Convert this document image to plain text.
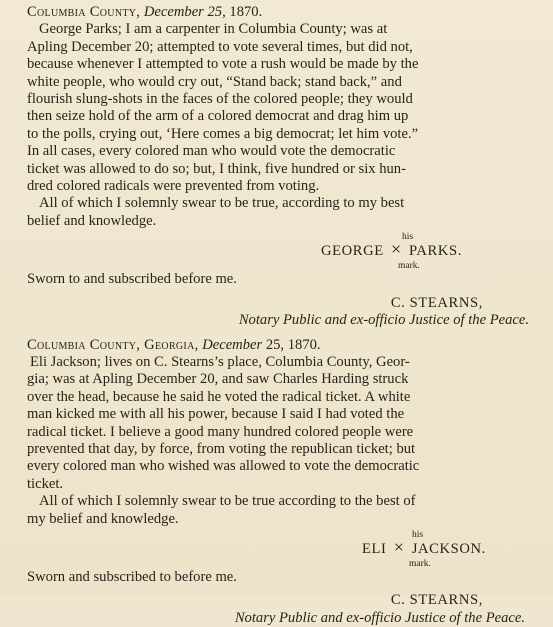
Columbia County, December 25, 1870.

George Parks; I am a carpenter in Columbia County; was at

Apling December 20; attempted to vote several times, but did not,

because whenever I attempted to vote a rush would be made by the

white people, who would cry out, “Stand back; stand back,” and

flourish slung-shots in the faces of the colored people; they would

then seize hold of the arm of a colored democrat and drag him up

to the polls, crying out, ‘Here comes a big democrat; let him vote.”

In all cases, every colored man who would vote the democratic

ticket was allowed to do so; but, I think, five hundred or six hun-

dred colored radicals were prevented from voting.

All of which I solemnly swear to be true, according to my best

belief and knowledge.

his
GEORGE × PARKS.
mark.

Sworn to and subscribed before me.

C. STEARNS,

Notary Public and ex-officio Justice of the Peace.

Columbia County, Georgia, December 25, 1870.

Eli Jackson; lives on C. Stearns’s place, Columbia County, Geor-

gia; was at Apling December 20, and saw Charles Harding struck

over the head, because he said he voted the radical ticket. A white

man kicked me with all his power, because I said I had voted the

radical ticket. I believe a good many hundred colored people were

prevented that day, by force, from voting the republican ticket; but

every colored man who wished was allowed to vote the democratic

ticket.

All of which I solemnly swear to be true according to the best of

my belief and knowledge.

his
ELI × JACKSON.
mark.

Sworn and subscribed to before me.

C. STEARNS,

Notary Public and ex-officio Justice of the Peace.
